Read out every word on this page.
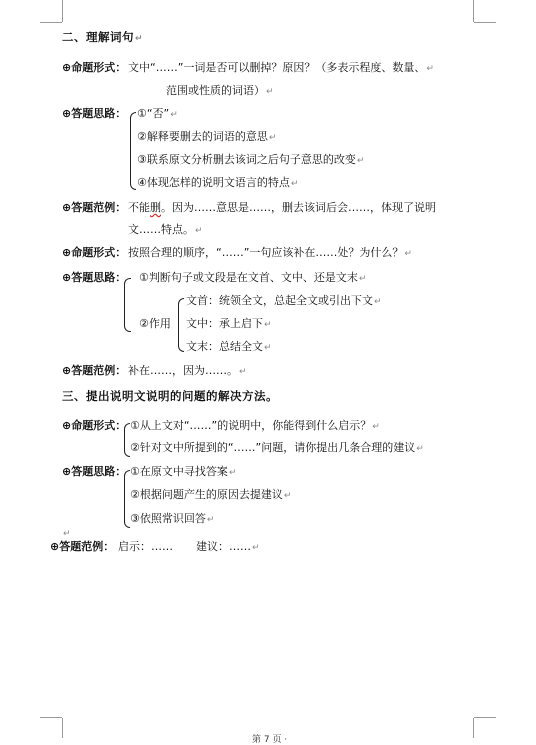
二、理解词句↵
⊕命题形式： 文中“……”一词是否可以删掉？原因？（多表示程度、数量、↵
范围或性质的词语）↵
⊕答题思路： ①“否”↵
②解释要删去的词语的意思↵
③联系原文分析删去该词之后句子意思的改变↵
④体现怎样的说明文语言的特点↵
⊕答题范例： 不能删。因为……意思是……，删去该词后会……，体现了说明
文……特点。↵
⊕命题形式： 按照合理的顺序，“……”一句应该补在……处？为什么？↵
⊕答题思路： ①判断句子或文段是在文首、文中、还是文末↵
②作用
文首：统领全文，总起全文或引出下文↵
文中：承上启下↵
文末：总结全文↵
⊕答题范例： 补在……，因为……。↵
三、提出说明文说明的问题的解决方法。
⊕命题形式： ①从上文对“……”的说明中，你能得到什么启示？↵
②针对文中所提到的“……”问题，请你提出几条合理的建议↵
⊕答题思路： ①在原文中寻找答案↵
②根据问题产生的原因去提建议↵
③依照常识回答↵
↵
⊕答题范例： 启示：…… 建议：……↵
第 7 页 ·
